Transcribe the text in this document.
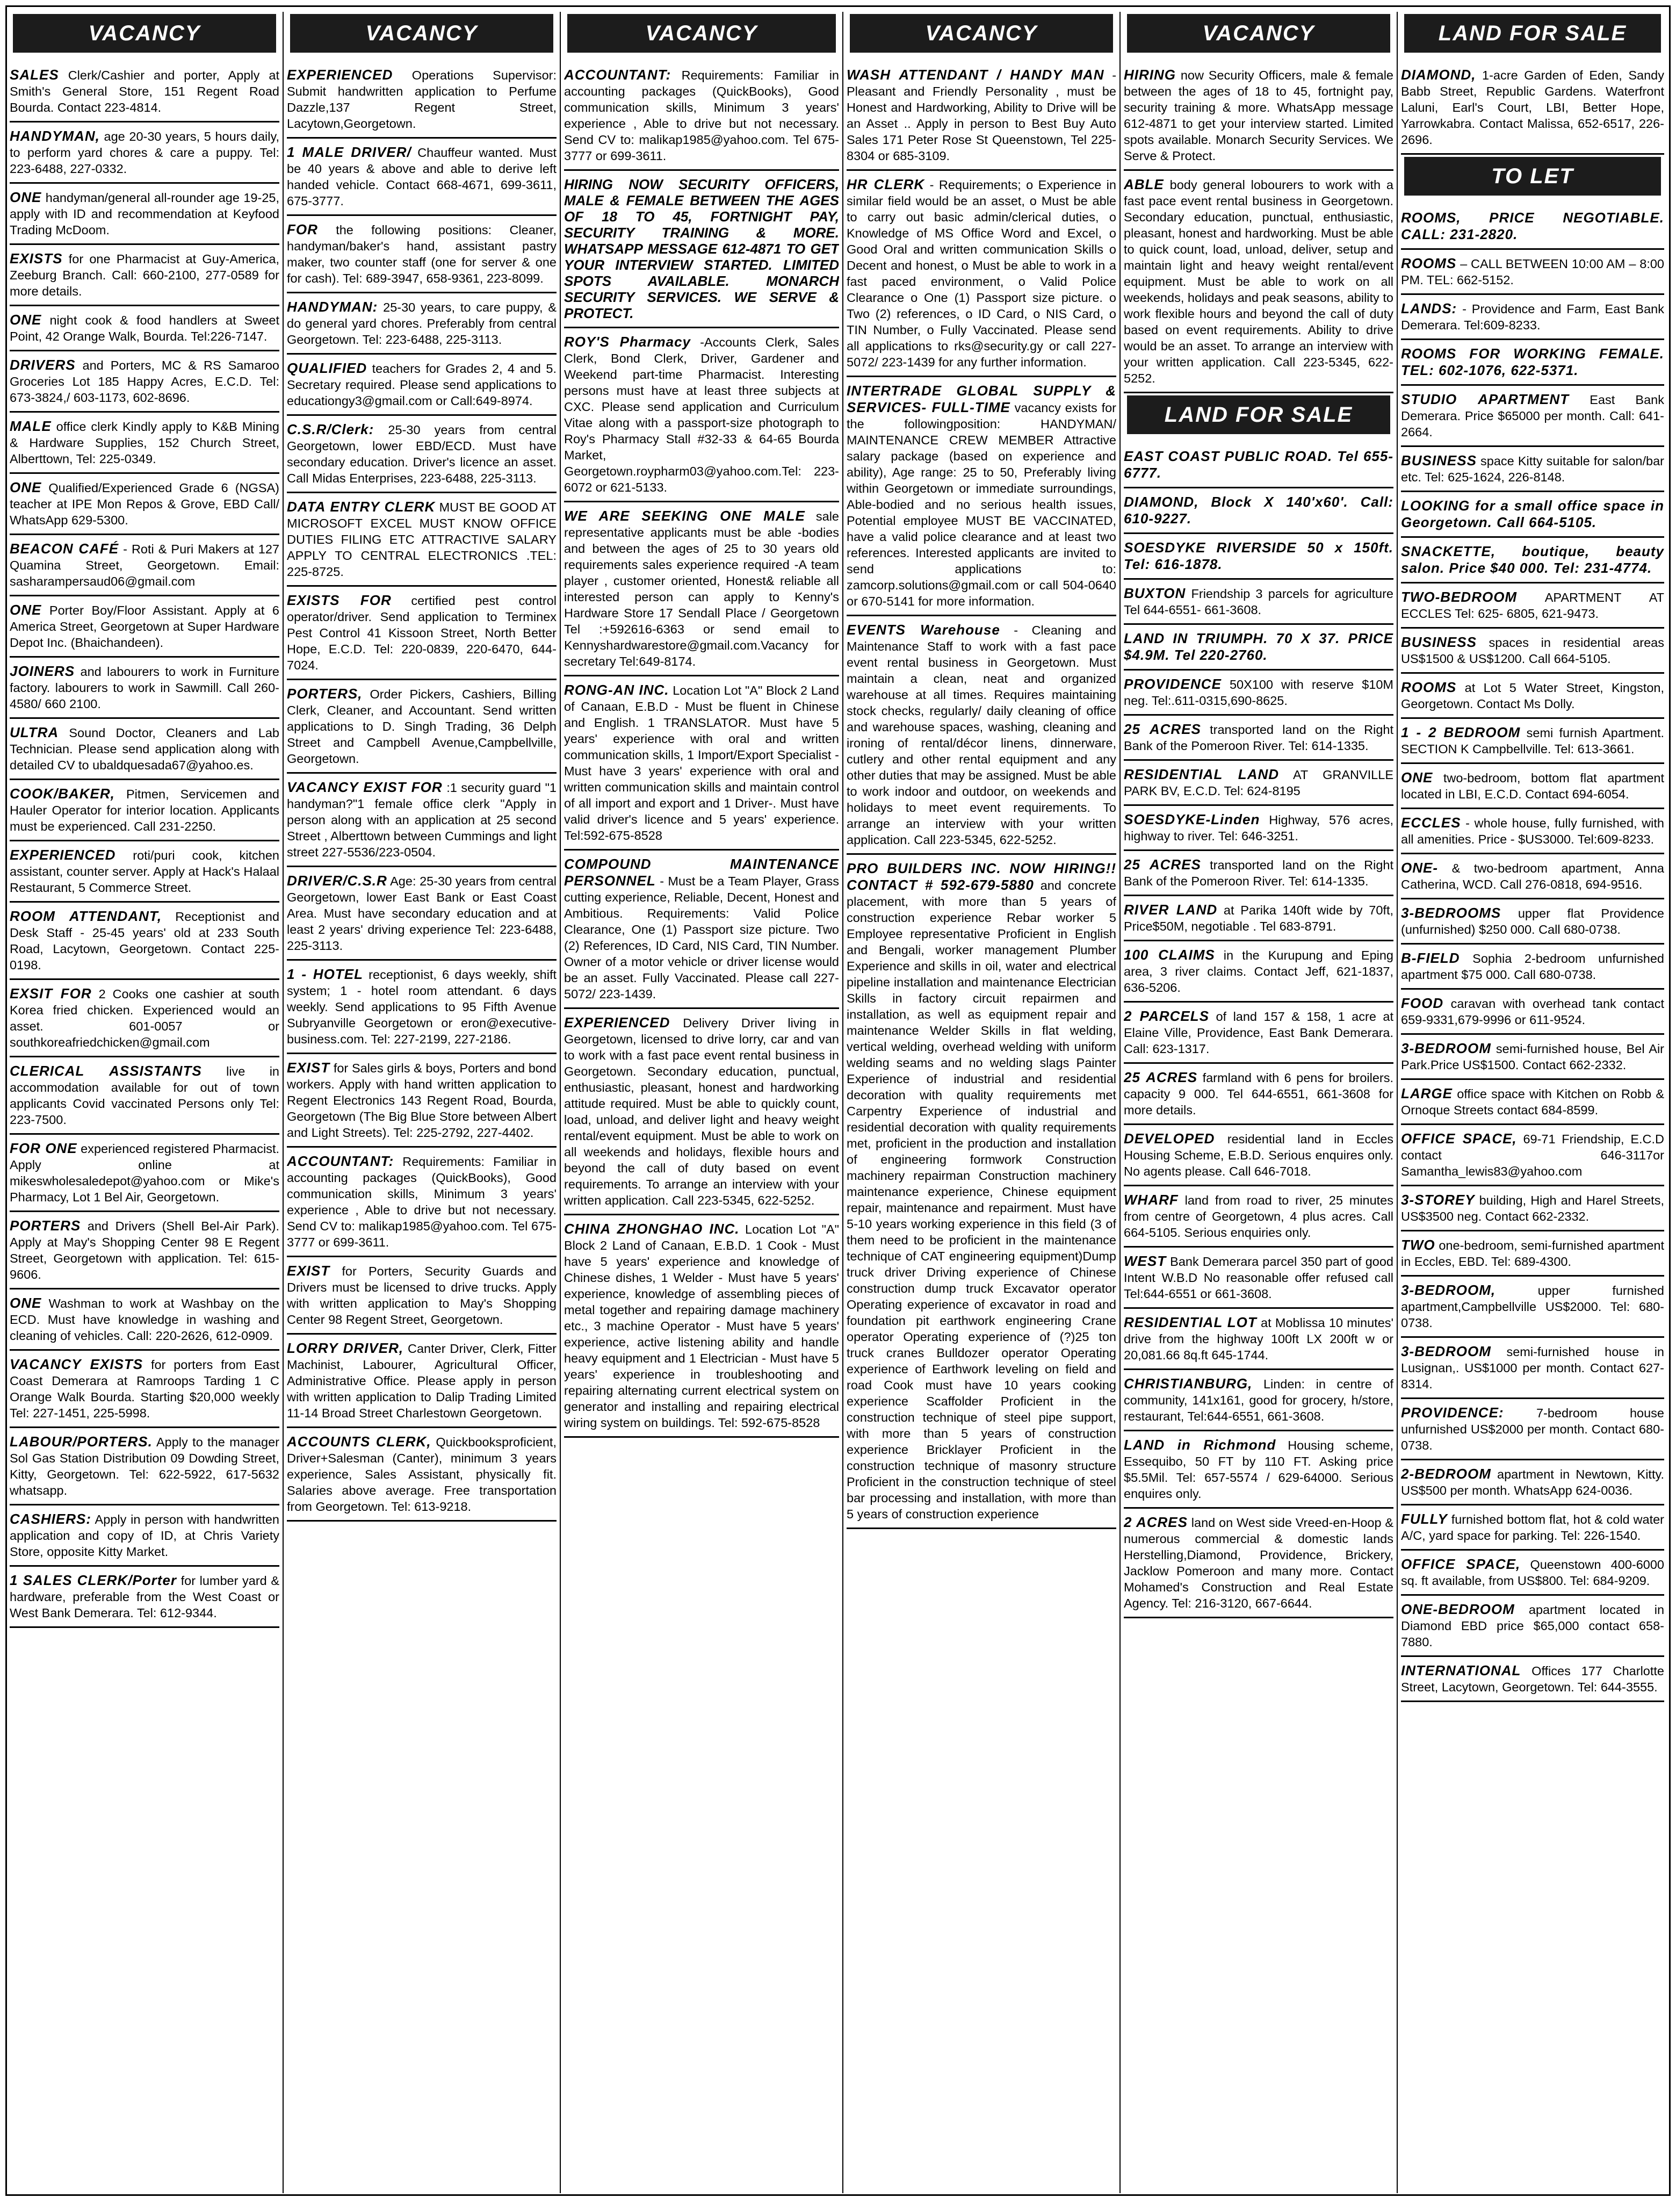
VACANCY
SALES Clerk/Cashier and porter, Apply at Smith's General Store, 151 Regent Road Bourda. Contact 223-4814.
HANDYMAN, age 20-30 years, 5 hours daily, to perform yard chores & care a puppy. Tel: 223-6488, 227-0332.
ONE handyman/general all-rounder age 19-25, apply with ID and recommendation at Keyfood Trading McDoom.
EXISTS for one Pharmacist at Guy-America, Zeeburg Branch. Call: 660-2100, 277-0589 for more details.
ONE night cook & food handlers at Sweet Point, 42 Orange Walk, Bourda. Tel:226-7147.
DRIVERS and Porters, MC & RS Samaroo Groceries Lot 185 Happy Acres, E.C.D. Tel: 673-3824,/ 603-1173, 602-8696.
MALE office clerk Kindly apply to K&B Mining & Hardware Supplies, 152 Church Street, Alberttown, Tel: 225-0349.
ONE Qualified/Experienced Grade 6 (NGSA) teacher at IPE Mon Repos & Grove, EBD Call/ WhatsApp 629-5300.
BEACON CAFÉ - Roti & Puri Makers at 127 Quamina Street, Georgetown. Email: sasharampersaud06@gmail.com
ONE Porter Boy/Floor Assistant. Apply at 6 America Street, Georgetown at Super Hardware Depot Inc. (Bhaichandeen).
JOINERS and labourers to work in Furniture factory. labourers to work in Sawmill. Call 260-4580/ 660 2100.
ULTRA Sound Doctor, Cleaners and Lab Technician. Please send application along with detailed CV to ubaldquesada67@yahoo.es.
COOK/BAKER, Pitmen, Servicemen and Hauler Operator for interior location. Applicants must be experienced. Call 231-2250.
EXPERIENCED roti/puri cook, kitchen assistant, counter server. Apply at Hack's Halaal Restaurant, 5 Commerce Street.
ROOM ATTENDANT, Receptionist and Desk Staff - 25-45 years' old at 233 South Road, Lacytown, Georgetown. Contact 225-0198.
EXSIT FOR 2 Cooks one cashier at south Korea fried chicken. Experienced would an asset. 601-0057 or southkoreafriedchicken@gmail.com
CLERICAL ASSISTANTS live in accommodation available for out of town applicants Covid vaccinated Persons only Tel: 223-7500.
FOR ONE experienced registered Pharmacist. Apply online at mikeswholesaledepot@yahoo.com or Mike's Pharmacy, Lot 1 Bel Air, Georgetown.
PORTERS and Drivers (Shell Bel-Air Park). Apply at May's Shopping Center 98 E Regent Street, Georgetown with application. Tel: 615-9606.
ONE Washman to work at Washbay on the ECD. Must have knowledge in washing and cleaning of vehicles. Call: 220-2626, 612-0909.
VACANCY EXISTS for porters from East Coast Demerara at Ramroops Tarding 1 C Orange Walk Bourda. Starting $20,000 weekly Tel: 227-1451, 225-5998.
LABOUR/PORTERS. Apply to the manager Sol Gas Station Distribution 09 Dowding Street, Kitty, Georgetown. Tel: 622-5922, 617-5632 whatsapp.
CASHIERS: Apply in person with handwritten application and copy of ID, at Chris Variety Store, opposite Kitty Market.
1 SALES CLERK/Porter for lumber yard & hardware, preferable from the West Coast or West Bank Demerara. Tel: 612-9344.
VACANCY
EXPERIENCED Operations Supervisor: Submit handwritten application to Perfume Dazzle,137 Regent Street, Lacytown,Georgetown.
1 MALE DRIVER/ Chauffeur wanted. Must be 40 years & above and able to derive left handed vehicle. Contact 668-4671, 699-3611, 675-3777.
FOR the following positions: Cleaner, handyman/baker's hand, assistant pastry maker, two counter staff (one for server & one for cash). Tel: 689-3947, 658-9361, 223-8099.
HANDYMAN: 25-30 years, to care puppy, & do general yard chores. Preferably from central Georgetown. Tel: 223-6488, 225-3113.
QUALIFIED teachers for Grades 2, 4 and 5. Secretary required. Please send applications to educationgy3@gmail.com or Call:649-8974.
C.S.R/Clerk: 25-30 years from central Georgetown, lower EBD/ECD. Must have secondary education. Driver's licence an asset. Call Midas Enterprises, 223-6488, 225-3113.
DATA ENTRY CLERK MUST BE GOOD AT MICROSOFT EXCEL MUST KNOW OFFICE DUTIES FILING ETC ATTRACTIVE SALARY APPLY TO CENTRAL ELECTRONICS .TEL: 225-8725.
EXISTS FOR certified pest control operator/driver. Send application to Terminex Pest Control 41 Kissoon Street, North Better Hope, E.C.D. Tel: 220-0839, 220-6470, 644-7024.
PORTERS, Order Pickers, Cashiers, Billing Clerk, Cleaner, and Accountant. Send written applications to D. Singh Trading, 36 Delph Street and Campbell Avenue,Campbellville, Georgetown.
VACANCY EXIST FOR :1 security guard "1 handyman?"1 female office clerk "Apply in person along with an application at 25 second Street , Alberttown between Cummings and light street 227-5536/223-0504.
DRIVER/C.S.R Age: 25-30 years from central Georgetown, lower East Bank or East Coast Area. Must have secondary education and at least 2 years' driving experience Tel: 223-6488, 225-3113.
1 - HOTEL receptionist, 6 days weekly, shift system; 1 - hotel room attendant. 6 days weekly. Send applications to 95 Fifth Avenue Subryanville Georgetown or eron@executive-business.com. Tel: 227-2199, 227-2186.
EXIST for Sales girls & boys, Porters and bond workers. Apply with hand written application to Regent Electronics 143 Regent Road, Bourda, Georgetown (The Big Blue Store between Albert and Light Streets). Tel: 225-2792, 227-4402.
ACCOUNTANT: Requirements: Familiar in accounting packages (QuickBooks), Good communication skills, Minimum 3 years' experience , Able to drive but not necessary. Send CV to: malikap1985@yahoo.com. Tel 675-3777 or 699-3611.
EXIST for Porters, Security Guards and Drivers must be licensed to drive trucks. Apply with written application to May's Shopping Center 98 Regent Street, Georgetown.
LORRY DRIVER, Canter Driver, Clerk, Fitter Machinist, Labourer, Agricultural Officer, Administrative Office. Please apply in person with written application to Dalip Trading Limited 11-14 Broad Street Charlestown Georgetown.
ACCOUNTS CLERK, Quickbooksproficient, Driver+Salesman (Canter), minimum 3 years experience, Sales Assistant, physically fit. Salaries above average. Free transportation from Georgetown. Tel: 613-9218.
VACANCY
ACCOUNTANT: Requirements: Familiar in accounting packages (QuickBooks), Good communication skills, Minimum 3 years' experience , Able to drive but not necessary. Send CV to: malikap1985@yahoo.com. Tel 675-3777 or 699-3611.
HIRING NOW SECURITY OFFICERS, MALE & FEMALE BETWEEN THE AGES OF 18 TO 45, FORTNIGHT PAY, SECURITY TRAINING & MORE. WHATSAPP MESSAGE 612-4871 TO GET YOUR INTERVIEW STARTED. LIMITED SPOTS AVAILABLE. MONARCH SECURITY SERVICES. WE SERVE & PROTECT.
ROY'S Pharmacy -Accounts Clerk, Sales Clerk, Bond Clerk, Driver, Gardener and Weekend part-time Pharmacist. Interesting persons must have at least three subjects at CXC. Please send application and Curriculum Vitae along with a passport-size photograph to Roy's Pharmacy Stall #32-33 & 64-65 Bourda Market, Georgetown.roypharm03@yahoo.com.Tel: 223-6072 or 621-5133.
WE ARE SEEKING ONE MALE sale representative applicants must be able -bodies and between the ages of 25 to 30 years old requirements sales experience required -A team player , customer oriented, Honest& reliable all interested person can apply to Kenny's Hardware Store 17 Sendall Place / Georgetown Tel :+592616-6363 or send email to Kennyshardwarestore@gmail.com.Vacancy for secretary Tel:649-8174.
RONG-AN INC. Location Lot "A" Block 2 Land of Canaan, E.B.D - Must be fluent in Chinese and English. 1 TRANSLATOR. Must have 5 years' experience with oral and written communication skills, 1 Import/Export Specialist - Must have 3 years' experience with oral and written communication skills and maintain control of all import and export and 1 Driver-. Must have valid driver's licence and 5 years' experience. Tel:592-675-8528
COMPOUND MAINTENANCE PERSONNEL - Must be a Team Player, Grass cutting experience, Reliable, Decent, Honest and Ambitious. Requirements: Valid Police Clearance, One (1) Passport size picture. Two (2) References, ID Card, NIS Card, TIN Number. Owner of a motor vehicle or driver license would be an asset. Fully Vaccinated. Please call 227-5072/ 223-1439.
EXPERIENCED Delivery Driver living in Georgetown, licensed to drive lorry, car and van to work with a fast pace event rental business in Georgetown. Secondary education, punctual, enthusiastic, pleasant, honest and hardworking attitude required. Must be able to quickly count, load, unload, and deliver light and heavy weight rental/event equipment. Must be able to work on all weekends and holidays, flexible hours and beyond the call of duty based on event requirements. To arrange an interview with your written application. Call 223-5345, 622-5252.
CHINA ZHONGHAO INC. Location Lot "A" Block 2 Land of Canaan, E.B.D. 1 Cook - Must have 5 years' experience and knowledge of Chinese dishes, 1 Welder - Must have 5 years' experience, knowledge of assembling pieces of metal together and repairing damage machinery etc., 3 machine Operator - Must have 5 years' experience, active listening ability and handle heavy equipment and 1 Electrician - Must have 5 years' experience in troubleshooting and repairing alternating current electrical system on generator and installing and repairing electrical wiring system on buildings. Tel: 592-675-8528
VACANCY
WASH ATTENDANT / HANDY MAN - Pleasant and Friendly Personality , must be Honest and Hardworking, Ability to Drive will be an Asset .. Apply in person to Best Buy Auto Sales 171 Peter Rose St Queenstown, Tel 225-8304 or 685-3109.
HR CLERK - Requirements; o Experience in similar field would be an asset, o Must be able to carry out basic admin/clerical duties, o Knowledge of MS Office Word and Excel, o Good Oral and written communication Skills o Decent and honest, o Must be able to work in a fast paced environment, o Valid Police Clearance o One (1) Passport size picture. o Two (2) references, o ID Card, o NIS Card, o TIN Number, o Fully Vaccinated. Please send all applications to rks@security.gy or call 227-5072/ 223-1439 for any further information.
INTERTRADE GLOBAL SUPPLY & SERVICES- FULL-TIME vacancy exists for the followingposition: HANDYMAN/ MAINTENANCE CREW MEMBER Attractive salary package (based on experience and ability), Age range: 25 to 50, Preferably living within Georgetown or immediate surroundings, Able-bodied and no serious health issues, Potential employee MUST BE VACCINATED, have a valid police clearance and at least two references. Interested applicants are invited to send applications to: zamcorp.solutions@gmail.com or call 504-0640 or 670-5141 for more information.
EVENTS Warehouse - Cleaning and Maintenance Staff to work with a fast pace event rental business in Georgetown. Must maintain a clean, neat and organized warehouse at all times. Requires maintaining stock checks, regularly/ daily cleaning of office and warehouse spaces, washing, cleaning and ironing of rental/décor linens, dinnerware, cutlery and other rental equipment and any other duties that may be assigned. Must be able to work indoor and outdoor, on weekends and holidays to meet event requirements. To arrange an interview with your written application. Call 223-5345, 622-5252.
PRO BUILDERS INC. NOW HIRING!! CONTACT # 592-679-5880 and concrete placement, with more than 5 years of construction experience Rebar worker 5 Employee representative Proficient in English and Bengali, worker management Plumber Experience and skills in oil, water and electrical pipeline installation and maintenance Electrician Skills in factory circuit repairmen and installation, as well as equipment repair and maintenance Welder Skills in flat welding, vertical welding, overhead welding with uniform welding seams and no welding slags Painter Experience of industrial and residential decoration with quality requirements met Carpentry Experience of industrial and residential decoration with quality requirements met, proficient in the production and installation of engineering formwork Construction machinery repairman Construction machinery maintenance experience, Chinese equipment repair, maintenance and repairment. Must have 5-10 years working experience in this field (3 of them need to be proficient in the maintenance technique of CAT engineering equipment)Dump truck driver Driving experience of Chinese construction dump truck Excavator operator Operating experience of excavator in road and foundation pit earthwork engineering Crane operator Operating experience of (?)25 ton truck cranes Bulldozer operator Operating experience of Earthwork leveling on field and road Cook must have 10 years cooking experience Scaffolder Proficient in the construction technique of steel pipe support, with more than 5 years of construction experience Bricklayer Proficient in the construction technique of masonry structure Proficient in the construction technique of steel bar processing and installation, with more than 5 years of construction experience
VACANCY
HIRING now Security Officers, male & female between the ages of 18 to 45, fortnight pay, security training & more. WhatsApp message 612-4871 to get your interview started. Limited spots available. Monarch Security Services. We Serve & Protect.
ABLE body general lobourers to work with a fast pace event rental business in Georgetown. Secondary education, punctual, enthusiastic, pleasant, honest and hardworking. Must be able to quick count, load, unload, deliver, setup and maintain light and heavy weight rental/event equipment. Must be able to work on all weekends, holidays and peak seasons, ability to work flexible hours and beyond the call of duty based on event requirements. Ability to drive would be an asset. To arrange an interview with your written application. Call 223-5345, 622-5252.
LAND FOR SALE
EAST COAST PUBLIC ROAD. Tel 655-6777.
DIAMOND, Block X 140'x60'. Call: 610-9227.
SOESDYKE RIVERSIDE 50 x 150ft. Tel: 616-1878.
BUXTON Friendship 3 parcels for agriculture Tel 644-6551- 661-3608.
LAND IN TRIUMPH. 70 X 37. PRICE $4.9M. Tel 220-2760.
PROVIDENCE 50X100 with reserve $10M neg. Tel:.611-0315,690-8625.
25 ACRES transported land on the Right Bank of the Pomeroon River. Tel: 614-1335.
RESIDENTIAL LAND AT GRANVILLE PARK BV, E.C.D. Tel: 624-8195
SOESDYKE-Linden Highway, 576 acres, highway to river. Tel: 646-3251.
25 ACRES transported land on the Right Bank of the Pomeroon River. Tel: 614-1335.
RIVER LAND at Parika 140ft wide by 70ft, Price$50M, negotiable . Tel 683-8791.
100 CLAIMS in the Kurupung and Eping area, 3 river claims. Contact Jeff, 621-1837, 636-5206.
2 PARCELS of land 157 & 158, 1 acre at Elaine Ville, Providence, East Bank Demerara. Call: 623-1317.
25 ACRES farmland with 6 pens for broilers. capacity 9 000. Tel 644-6551, 661-3608 for more details.
DEVELOPED residential land in Eccles Housing Scheme, E.B.D. Serious enquires only. No agents please. Call 646-7018.
WHARF land from road to river, 25 minutes from centre of Georgetown, 4 plus acres. Call 664-5105. Serious enquiries only.
WEST Bank Demerara parcel 350 part of good Intent W.B.D No reasonable offer refused call Tel:644-6551 or 661-3608.
RESIDENTIAL LOT at Moblissa 10 minutes' drive from the highway 100ft LX 200ft w or 20,081.66 8q.ft 645-1744.
CHRISTIANBURG, Linden: in centre of community, 141x161, good for grocery, h/store, restaurant, Tel:644-6551, 661-3608.
LAND in Richmond Housing scheme, Essequibo, 50 FT by 110 FT. Asking price $5.5Mil. Tel: 657-5574 / 629-64000. Serious enquires only.
2 ACRES land on West side Vreed-en-Hoop & numerous commercial & domestic lands Herstelling,Diamond, Providence, Brickery, Jacklow Pomeroon and many more. Contact Mohamed's Construction and Real Estate Agency. Tel: 216-3120, 667-6644.
LAND FOR SALE
DIAMOND, 1-acre Garden of Eden, Sandy Babb Street, Republic Gardens. Waterfront Laluni, Earl's Court, LBI, Better Hope, Yarrowkabra. Contact Malissa, 652-6517, 226-2696.
TO LET
ROOMS, PRICE NEGOTIABLE. CALL: 231-2820.
ROOMS – CALL BETWEEN 10:00 AM – 8:00 PM. TEL: 662-5152.
LANDS: - Providence and Farm, East Bank Demerara. Tel:609-8233.
ROOMS FOR WORKING FEMALE. TEL: 602-1076, 622-5371.
STUDIO APARTMENT East Bank Demerara. Price $65000 per month. Call: 641-2664.
BUSINESS space Kitty suitable for salon/bar etc. Tel: 625-1624, 226-8148.
LOOKING for a small office space in Georgetown. Call 664-5105.
SNACKETTE, boutique, beauty salon. Price $40 000. Tel: 231-4774.
TWO-BEDROOM APARTMENT AT ECCLES Tel: 625- 6805, 621-9473.
BUSINESS spaces in residential areas US$1500 & US$1200. Call 664-5105.
ROOMS at Lot 5 Water Street, Kingston, Georgetown. Contact Ms Dolly.
1 - 2 BEDROOM semi furnish Apartment. SECTION K Campbellville. Tel: 613-3661.
ONE two-bedroom, bottom flat apartment located in LBI, E.C.D. Contact 694-6054.
ECCLES - whole house, fully furnished, with all amenities. Price - $US3000. Tel:609-8233.
ONE- & two-bedroom apartment, Anna Catherina, WCD. Call 276-0818, 694-9516.
3-BEDROOMS upper flat Providence (unfurnished) $250 000. Call 680-0738.
B-FIELD Sophia 2-bedroom unfurnished apartment $75 000. Call 680-0738.
FOOD caravan with overhead tank contact 659-9331,679-9996 or 611-9524.
3-BEDROOM semi-furnished house, Bel Air Park.Price US$1500. Contact 662-2332.
LARGE office space with Kitchen on Robb & Ornoque Streets contact 684-8599.
OFFICE SPACE, 69-71 Friendship, E.C.D contact 646-3117or Samantha_lewis83@yahoo.com
3-STOREY building, High and Harel Streets, US$3500 neg. Contact 662-2332.
TWO one-bedroom, semi-furnished apartment in Eccles, EBD. Tel: 689-4300.
3-BEDROOM,	upper furnished apartment,Campbellville US$2000. Tel: 680-0738.
3-BEDROOM semi-furnished house in Lusignan,. US$1000 per month. Contact 627-8314.
PROVIDENCE:	7-bedroom house unfurnished US$2000 per month. Contact 680-0738.
2-BEDROOM apartment in Newtown, Kitty. US$500 per month. WhatsApp 624-0036.
FULLY furnished bottom flat, hot & cold water A/C, yard space for parking. Tel: 226-1540.
OFFICE SPACE, Queenstown 400-6000 sq. ft available, from US$800. Tel: 684-9209.
ONE-BEDROOM apartment located in Diamond EBD price $65,000 contact 658-7880.
INTERNATIONAL Offices 177 Charlotte Street, Lacytown, Georgetown. Tel: 644-3555.
